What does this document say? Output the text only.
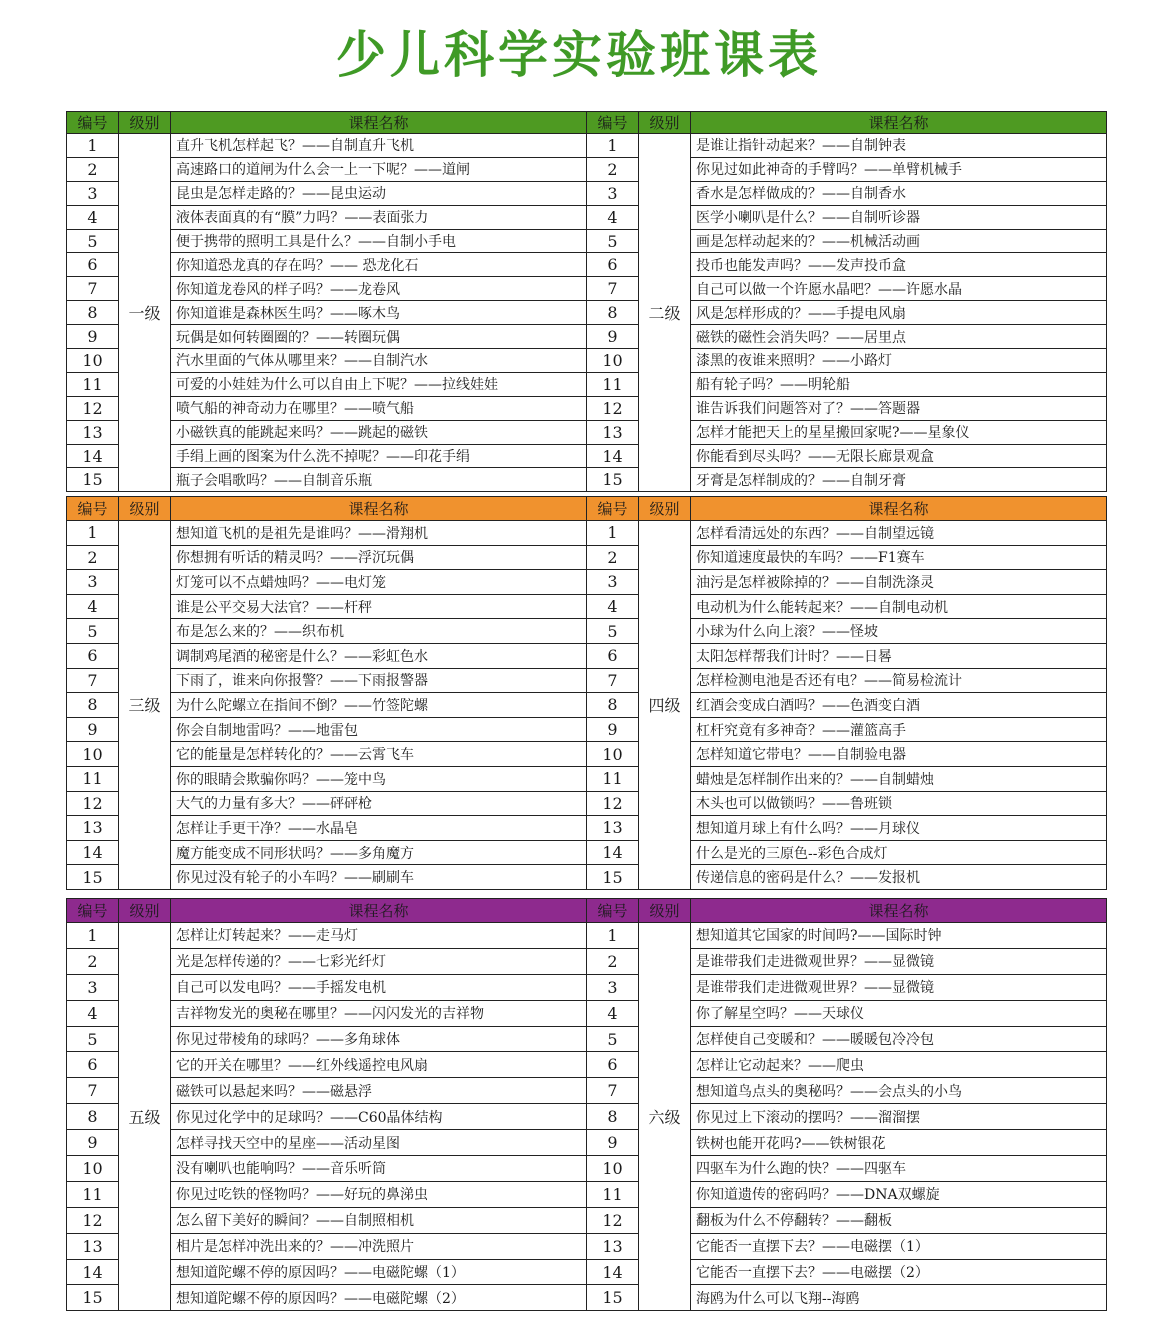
少儿科学实验班课表
编号	级别	课程名称
1	一级	直升飞机怎样起飞？——自制直升飞机
2		高速路口的道闸为什么会一上一下呢？——道闸
3		昆虫是怎样走路的？——昆虫运动
4		液体表面真的有“膜”力吗？——表面张力
5		便于携带的照明工具是什么？——自制小手电
6		你知道恐龙真的存在吗？—— 恐龙化石
7		你知道龙卷风的样子吗？——龙卷风
8		你知道谁是森林医生吗？——啄木鸟
9		玩偶是如何转圈圈的？——转圈玩偶
10		汽水里面的气体从哪里来？——自制汽水
11		可爱的小娃娃为什么可以自由上下呢？——拉线娃娃
12		喷气船的神奇动力在哪里？——喷气船
13		小磁铁真的能跳起来吗？——跳起的磁铁
14		手绢上画的图案为什么洗不掉呢？——印花手绢
15		瓶子会唱歌吗？——自制音乐瓶
编号	级别	课程名称
1	二级	是谁让指针动起来？——自制钟表
2		你见过如此神奇的手臂吗？——单臂机械手
3		香水是怎样做成的？——自制香水
4		医学小喇叭是什么？——自制听诊器
5		画是怎样动起来的？——机械活动画
6		投币也能发声吗？——发声投币盒
7		自己可以做一个许愿水晶吧？——许愿水晶
8		风是怎样形成的？——手提电风扇
9		磁铁的磁性会消失吗？——居里点
10		漆黑的夜谁来照明？——小路灯
11		船有轮子吗？——明轮船
12		谁告诉我们问题答对了？——答题器
13		怎样才能把天上的星星搬回家呢?——星象仪
14		你能看到尽头吗？——无限长廊景观盒
15		牙膏是怎样制成的？——自制牙膏
编号	级别	课程名称
1	三级	想知道飞机的是祖先是谁吗？——滑翔机
2		你想拥有听话的精灵吗？——浮沉玩偶
3		灯笼可以不点蜡烛吗？——电灯笼
4		谁是公平交易大法官？——杆秤
5		布是怎么来的？——织布机
6		调制鸡尾酒的秘密是什么？——彩虹色水
7		下雨了，谁来向你报警？——下雨报警器
8		为什么陀螺立在指间不倒？——竹签陀螺
9		你会自制地雷吗？——地雷包
10		它的能量是怎样转化的？——云霄飞车
11		你的眼睛会欺骗你吗？——笼中鸟
12		大气的力量有多大？——砰砰枪
13		怎样让手更干净？——水晶皂
14		魔方能变成不同形状吗？——多角魔方
15		你见过没有轮子的小车吗？——刷刷车
编号	级别	课程名称
1	四级	怎样看清远处的东西？——自制望远镜
2		你知道速度最快的车吗？——F1赛车
3		油污是怎样被除掉的？——自制洗涤灵
4		电动机为什么能转起来？——自制电动机
5		小球为什么向上滚？——怪坡
6		太阳怎样帮我们计时？——日晷
7		怎样检测电池是否还有电？——简易检流计
8		红酒会变成白酒吗？——色酒变白酒
9		杠杆究竟有多神奇？——灌篮高手
10		怎样知道它带电？——自制验电器
11		蜡烛是怎样制作出来的？——自制蜡烛
12		木头也可以做锁吗？——鲁班锁
13		想知道月球上有什么吗？——月球仪
14		什么是光的三原色--彩色合成灯
15		传递信息的密码是什么？——发报机
编号	级别	课程名称
1	五级	怎样让灯转起来？——走马灯
2		光是怎样传递的？——七彩光纤灯
3		自己可以发电吗？——手摇发电机
4		吉祥物发光的奥秘在哪里？——闪闪发光的吉祥物
5		你见过带棱角的球吗？——多角球体
6		它的开关在哪里？——红外线遥控电风扇
7		磁铁可以悬起来吗？——磁悬浮
8		你见过化学中的足球吗？——C60晶体结构
9		怎样寻找天空中的星座——活动星图
10		没有喇叭也能响吗？——音乐听筒
11		你见过吃铁的怪物吗？——好玩的鼻涕虫
12		怎么留下美好的瞬间？——自制照相机
13		相片是怎样冲洗出来的？——冲洗照片
14		想知道陀螺不停的原因吗？——电磁陀螺（1）
15		想知道陀螺不停的原因吗？——电磁陀螺（2）
编号	级别	课程名称
1	六级	想知道其它国家的时间吗?——国际时钟
2		是谁带我们走进微观世界？——显微镜
3		是谁带我们走进微观世界？——显微镜
4		你了解星空吗？——天球仪
5		怎样使自己变暖和？——暖暖包冷冷包
6		怎样让它动起来？——爬虫
7		想知道鸟点头的奥秘吗？——会点头的小鸟
8		你见过上下滚动的摆吗？——溜溜摆
9		铁树也能开花吗?——铁树银花
10		四驱车为什么跑的快？——四驱车
11		你知道遗传的密码吗？——DNA双螺旋
12		翻板为什么不停翻转？——翻板
13		它能否一直摆下去？——电磁摆（1）
14		它能否一直摆下去？——电磁摆（2）
15		海鸥为什么可以飞翔--海鸥
